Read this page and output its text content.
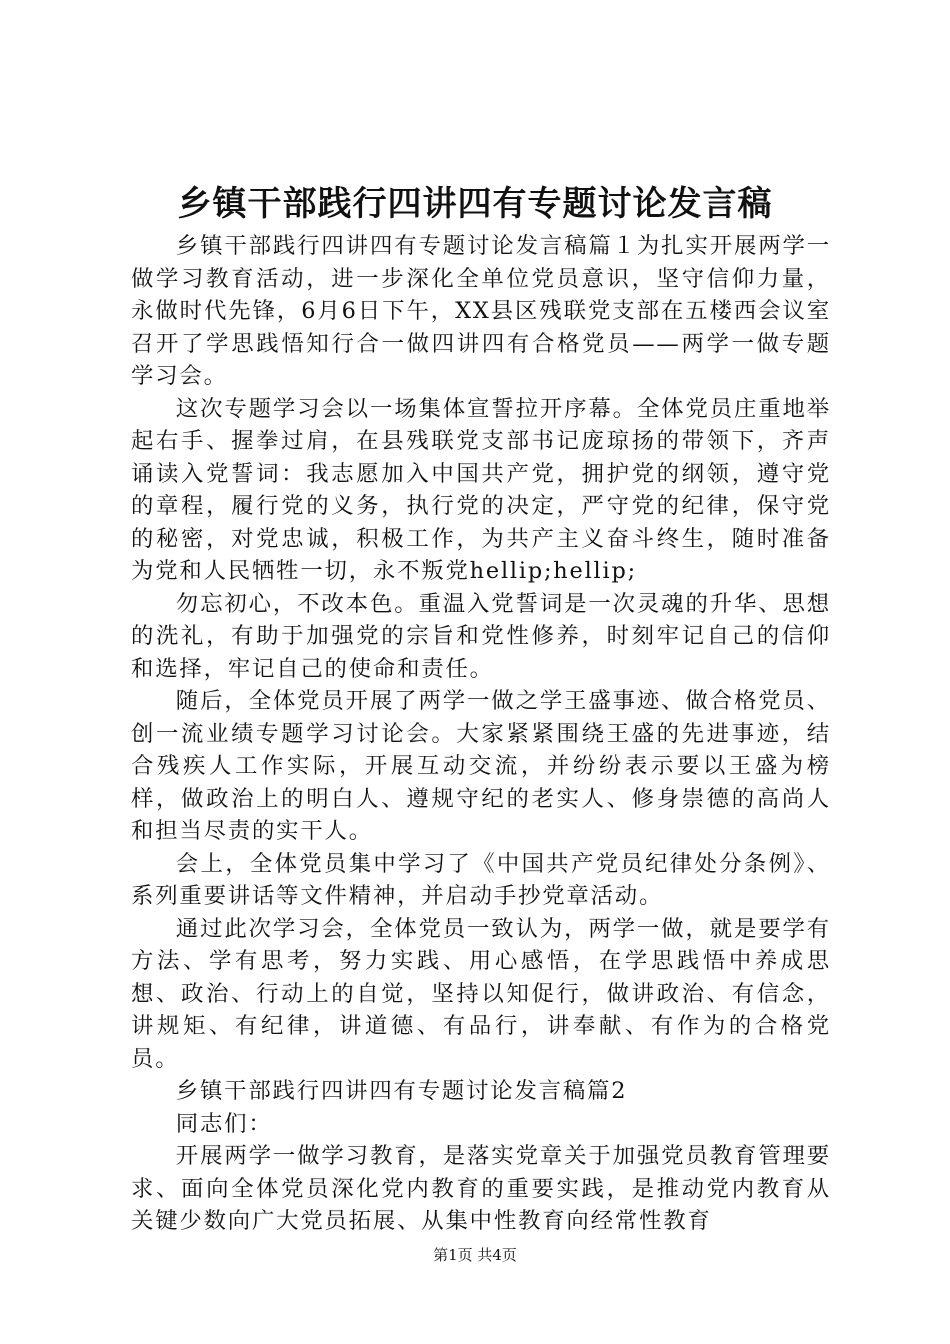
乡镇干部践行四讲四有专题讨论发言稿

乡镇干部践行四讲四有专题讨论发言稿篇１为扎实开展两学一做学习教育活动，进一步深化全单位党员意识，坚守信仰力量，永做时代先锋，6月6日下午，XX县区残联党支部在五楼西会议室召开了学思践悟知行合一做四讲四有合格党员——两学一做专题学习会。

这次专题学习会以一场集体宣誓拉开序幕。全体党员庄重地举起右手、握拳过肩，在县残联党支部书记庞琼扬的带领下，齐声诵读入党誓词：我志愿加入中国共产党，拥护党的纲领，遵守党的章程，履行党的义务，执行党的决定，严守党的纪律，保守党的秘密，对党忠诚，积极工作，为共产主义奋斗终生，随时准备为党和人民牺牲一切，永不叛党hellip;hellip;

勿忘初心，不改本色。重温入党誓词是一次灵魂的升华、思想的洗礼，有助于加强党的宗旨和党性修养，时刻牢记自己的信仰和选择，牢记自己的使命和责任。

随后，全体党员开展了两学一做之学王盛事迹、做合格党员、创一流业绩专题学习讨论会。大家紧紧围绕王盛的先进事迹，结合残疾人工作实际，开展互动交流，并纷纷表示要以王盛为榜样，做政治上的明白人、遵规守纪的老实人、修身崇德的高尚人和担当尽责的实干人。

会上，全体党员集中学习了《中国共产党员纪律处分条例》、系列重要讲话等文件精神，并启动手抄党章活动。

通过此次学习会，全体党员一致认为，两学一做，就是要学有方法、学有思考，努力实践、用心感悟，在学思践悟中养成思想、政治、行动上的自觉，坚持以知促行，做讲政治、有信念，讲规矩、有纪律，讲道德、有品行，讲奉献、有作为的合格党员。

乡镇干部践行四讲四有专题讨论发言稿篇2

同志们：

开展两学一做学习教育，是落实党章关于加强党员教育管理要求、面向全体党员深化党内教育的重要实践，是推动党内教育从关键少数向广大党员拓展、从集中性教育向经常性教育

第1页 共4页
